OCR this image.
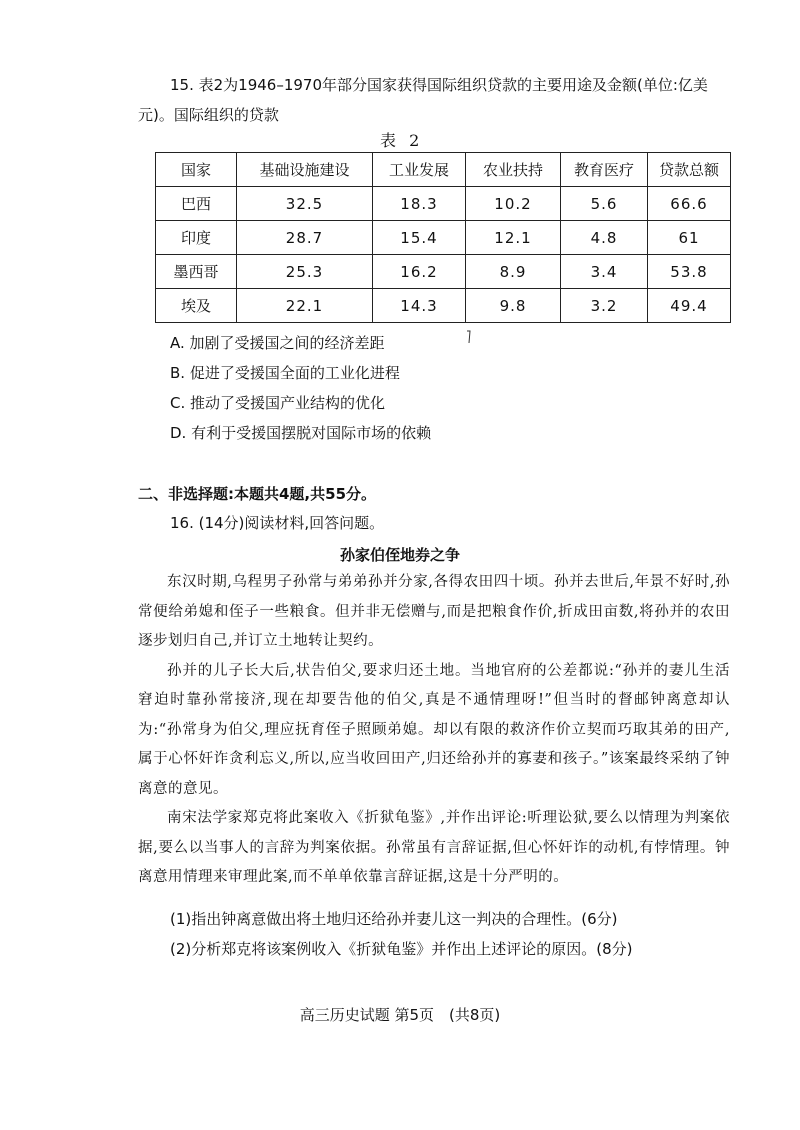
15. 表2为1946–1970年部分国家获得国际组织贷款的主要用途及金额(单位:亿美元)。国际组织的贷款
表 2
国家	基础设施建设	工业发展	农业扶持	教育医疗	贷款总额
巴西	32.5	18.3	10.2	5.6	66.6
印度	28.7	15.4	12.1	4.8	61
墨西哥	25.3	16.2	8.9	3.4	53.8
埃及	22.1	14.3	9.8	3.2	49.4
A. 加剧了受援国之间的经济差距
B. 促进了受援国全面的工业化进程
C. 推动了受援国产业结构的优化
D. 有利于受援国摆脱对国际市场的依赖
二、非选择题:本题共4题,共55分。
16. (14分)阅读材料,回答问题。
孙家伯侄地券之争

东汉时期,乌程男子孙常与弟弟孙并分家,各得农田四十顷。孙并去世后,年景不好时,孙常便给弟媳和侄子一些粮食。但并非无偿赠与,而是把粮食作价,折成田亩数,将孙并的农田逐步划归自己,并订立土地转让契约。

孙并的儿子长大后,状告伯父,要求归还土地。当地官府的公差都说:“孙并的妻儿生活窘迫时靠孙常接济,现在却要告他的伯父,真是不通情理呀!”但当时的督邮钟离意却认为:“孙常身为伯父,理应抚育侄子照顾弟媳。却以有限的救济作价立契而巧取其弟的田产,属于心怀奸诈贪利忘义,所以,应当收回田产,归还给孙并的寡妻和孩子。”该案最终采纳了钟离意的意见。

南宋法学家郑克将此案收入《折狱龟鉴》,并作出评论:听理讼狱,要么以情理为判案依据,要么以当事人的言辞为判案依据。孙常虽有言辞证据,但心怀奸诈的动机,有悖情理。钟离意用情理来审理此案,而不单单依靠言辞证据,这是十分严明的。

(1)指出钟离意做出将土地归还给孙并妻儿这一判决的合理性。(6分)
(2)分析郑克将该案例收入《折狱龟鉴》并作出上述评论的原因。(8分)
高三历史试题 第5页　(共8页)
